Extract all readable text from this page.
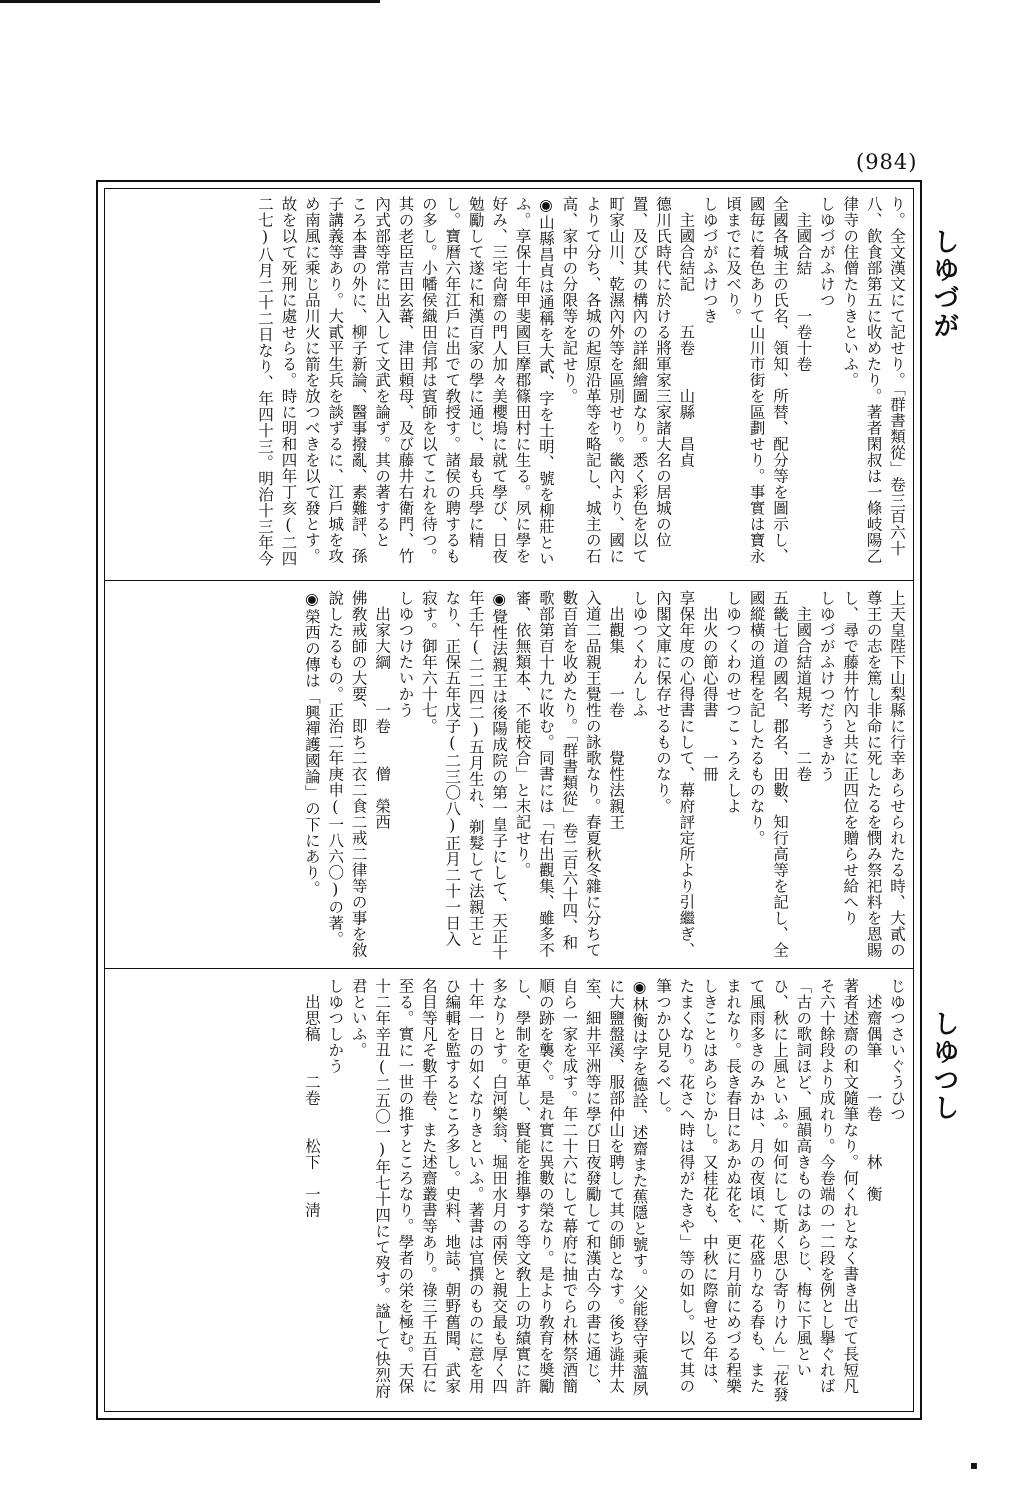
(984)
しゆづが
しゆつし
り。全文漢文にて記せり。「群書類從」卷三百六十八、飮食部第五に收めたり。著者閑叔は一條岐陽乙律寺の住僧たりきといふ。
しゆづがふけつ
　主國合結　　一卷十卷
全國各城主の氏名、領知、所替、配分等を圖示し、國毎に着色ありて山川市街を區劃せり。事實は寶永頃までに及べり。
しゆづがふけつき
　主國合結記　　五卷　　山縣　昌貞
德川氏時代に於ける將軍家三家諸大名の居城の位置、及び其の構內の詳細繪圖なり。悉く彩色を以て町家山川、乾濕內外等を區別せり。畿內より、國によりて分ち、各城の起原沿革等を略記し、城主の石高、家中の分限等を記せり。
◉山縣昌貞は通稱を大貳、字を士明、號を柳莊といふ。享保十年甲斐國巨摩郡篠田村に生る。夙に學を好み、三宅尙齋の門人加々美櫻塢に就て學び、日夜勉勵して遂に和漢百家の學に通じ、最も兵學に精し。寶曆六年江戶に出でて敎授す。諸侯の聘するもの多し。小幡侯織田信邦は賓師を以てこれを待つ。其の老臣吉田玄蕃、津田頼母、及び藤井右衛門、竹內式部等常に出入して文武を論ず。其の著すると ころ本書の外に、柳子新論、醫事撥亂、素難評、孫子講義等あり。大貳平生兵を談ずるに、江戶城を攻め南風に乘じ品川火に箭を放つべきを以て發とす。故を以て死刑に處せらる。時に明和四年丁亥(二四二七)八月二十二日なり、年四十三。明治十三年今
上天皇陛下山梨縣に行幸あらせられたる時、大貳の尊王の志を篤し非命に死したるを憫み祭祀料を恩賜し、尋で藤井竹內と共に正四位を贈らせ給へり
しゆづがふけつだうきかう
　主國合結道規考　　二卷
五畿七道の國名、郡名、田數、知行高等を記し、全國縱橫の道程を記したるものなり。
しゆつくわのせつこゝろえしよ
　出火の節心得書　　一冊
享保年度の心得書にして、幕府評定所より引繼ぎ、內閣文庫に保存せるものなり。
しゆつくわんしふ
　出觀集　　一卷　　覺性法親王
入道二品親王覺性の詠歌なり。春夏秋冬雜に分ちて數百首を收めたり。「群書類從」卷二百六十四、和歌部第百十九に收む。同書には「右出觀集、雖多不審、依無類本、不能校合」と末記せり。
◉覺性法親王は後陽成院の第一皇子にして、天正十年壬午(二二四二)五月生れ、剃髮して法親王となり、正保五年戊子(二三〇八)正月二十一日入寂す。御年六十七。
しゆつけたいかう
　出家大綱　　一卷　　僧　榮西
佛敎戒師の大要、即ち二衣二食二戒二律等の事を敘說したるもの。正治二年庚申(一八六〇)の著。
◉榮西の傳は「興禪護國論」の下にあり。
じゆつさいぐうひつ
　述齋偶筆　　一卷　　林　衡
著者述齋の和文隨筆なり。何くれとなく書き出でて長短凡そ六十餘段より成れり。今卷端の一二段を例とし擧ぐれば「古の歌詞ほど、風韻高きものはあらじ、梅に下風といひ、秋に上風といふ。如何にして斯く思ひ寄りけん」「花發て風雨多きのみかは、月の夜頃に、花盛りなる春も、またまれなり。長き春日にあかぬ花を、更に月前にめづる程樂しきことはあらじかし。又桂花も、中秋に際會せる年は、たまくなり。花さへ時は得がたきや」等の如し。以て其の筆つかひ見るべし。
◉林衡は字を德詮、述齋また蕉隱と號す。父能登守乘薀夙に大鹽盤溪、服部仲山を聘して其の師となす。後ち澁井太室、細井平洲等に學び日夜發勵して和漢古今の書に通じ、自ら一家を成す。年二十六にして幕府に抽でられ林祭酒簡順の跡を襲ぐ。是れ實に異數の榮なり。是より敎育を奬勵し、學制を更革し、賢能を推擧する等文敎上の功績實に許多なりとす。白河樂翁、堀田水月の兩侯と親交最も厚く四十年一日の如くなりきといふ。著書は官撰のものに意を用ひ編輯を監するところ多し。史料、地誌、朝野舊聞、武家名目等凡そ數千卷、また述齋叢書等あり。祿三千五百石に至る。實に一世の推すところなり。學者の栄を極む。天保十二年辛丑(二五〇一)年七十四にて歿す。諡して快烈府君といふ。
しゆつしかう
　出思稿　　二卷　　松下　一淸
▪
